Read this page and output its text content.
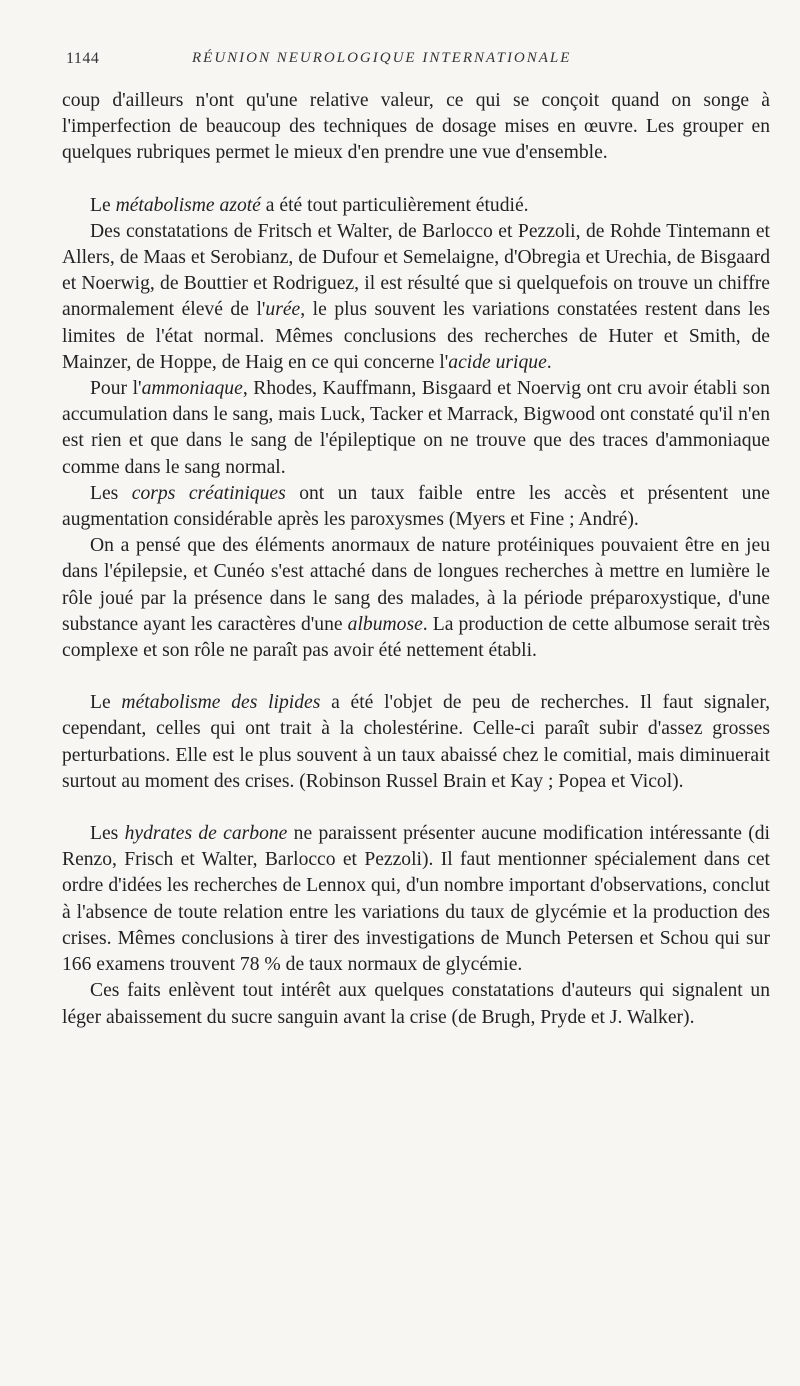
1144	RÉUNION NEUROLOGIQUE INTERNATIONALE

coup d'ailleurs n'ont qu'une relative valeur, ce qui se conçoit quand on songe à l'imperfection de beaucoup des techniques de dosage mises en œuvre. Les grouper en quelques rubriques permet le mieux d'en prendre une vue d'ensemble.

Le métabolisme azoté a été tout particulièrement étudié.

Des constatations de Fritsch et Walter, de Barlocco et Pezzoli, de Rohde Tintemann et Allers, de Maas et Serobianz, de Dufour et Semelaigne, d'Obregia et Urechia, de Bisgaard et Noerwig, de Bouttier et Rodriguez, il est résulté que si quelquefois on trouve un chiffre anormalement élevé de l'urée, le plus souvent les variations constatées restent dans les limites de l'état normal. Mêmes conclusions des recherches de Huter et Smith, de Mainzer, de Hoppe, de Haig en ce qui concerne l'acide urique.

Pour l'ammoniaque, Rhodes, Kauffmann, Bisgaard et Noervig ont cru avoir établi son accumulation dans le sang, mais Luck, Tacker et Marrack, Bigwood ont constaté qu'il n'en est rien et que dans le sang de l'épileptique on ne trouve que des traces d'ammoniaque comme dans le sang normal.

Les corps créatiniques ont un taux faible entre les accès et présentent une augmentation considérable après les paroxysmes (Myers et Fine ; André).

On a pensé que des éléments anormaux de nature protéiniques pouvaient être en jeu dans l'épilepsie, et Cunéo s'est attaché dans de longues recherches à mettre en lumière le rôle joué par la présence dans le sang des malades, à la période préparoxystique, d'une substance ayant les caractères d'une albumose. La production de cette albumose serait très complexe et son rôle ne paraît pas avoir été nettement établi.

Le métabolisme des lipides a été l'objet de peu de recherches. Il faut signaler, cependant, celles qui ont trait à la cholestérine. Celle-ci paraît subir d'assez grosses perturbations. Elle est le plus souvent à un taux abaissé chez le comitial, mais diminuerait surtout au moment des crises. (Robinson Russel Brain et Kay ; Popea et Vicol).

Les hydrates de carbone ne paraissent présenter aucune modification intéressante (di Renzo, Frisch et Walter, Barlocco et Pezzoli). Il faut mentionner spécialement dans cet ordre d'idées les recherches de Lennox qui, d'un nombre important d'observations, conclut à l'absence de toute relation entre les variations du taux de glycémie et la production des crises. Mêmes conclusions à tirer des investigations de Munch Petersen et Schou qui sur 166 examens trouvent 78 % de taux normaux de glycémie.

Ces faits enlèvent tout intérêt aux quelques constatations d'auteurs qui signalent un léger abaissement du sucre sanguin avant la crise (de Brugh, Pryde et J. Walker).
